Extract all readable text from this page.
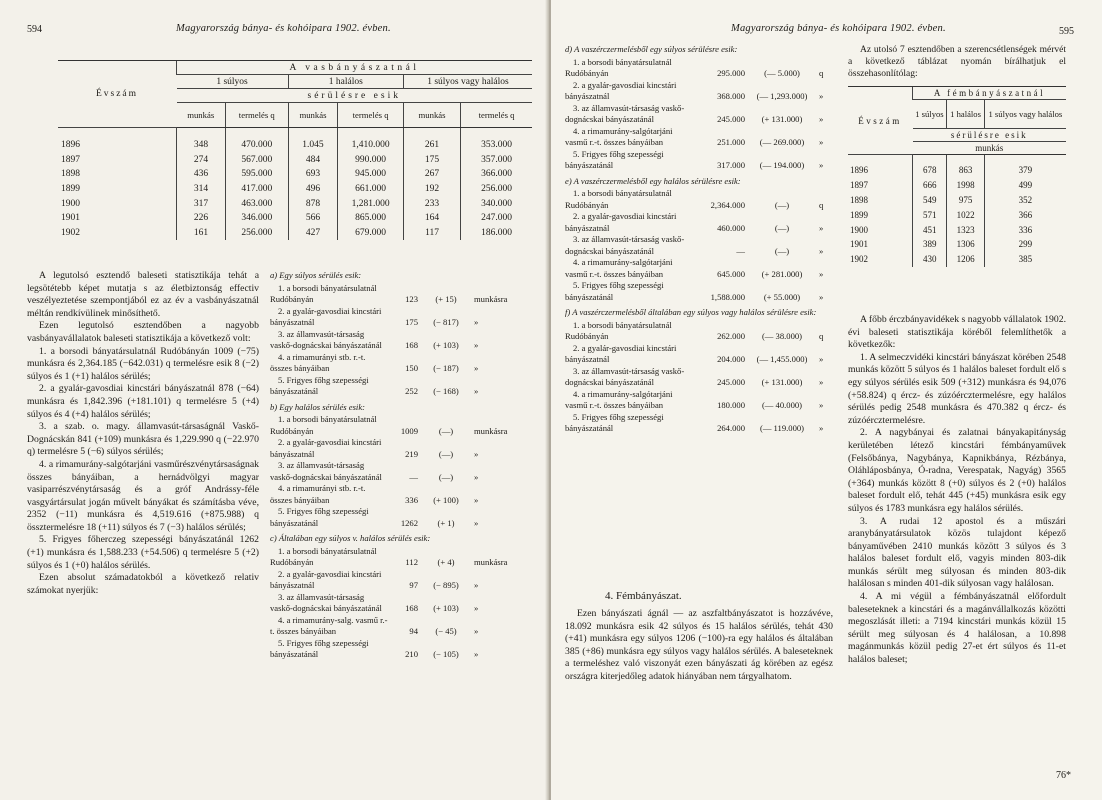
594	Magyarország bánya- és kohóipara 1902. évben.
Évszám	A vasbányászatnál					
	1 súlyos		1 halálos		1 súlyos vagy halálos	
	sérülésre esik					
	munkás	termelés q	munkás	termelés q	munkás	termelés q
1896	348	470.000	1.045	1,410.000	261	353.000
1897	274	567.000	484	990.000	175	357.000
1898	436	595.000	693	945.000	267	366.000
1899	314	417.000	496	661.000	192	256.000
1900	317	463.000	878	1,281.000	233	340.000
1901	226	346.000	566	865.000	164	247.000
1902	161	256.000	427	679.000	117	186.000

A legutolsó esztendő baleseti statisztikája tehát a legsötétebb képet mutatja s az életbiztonság effectiv veszélyeztetése szempontjából ez az év a vasbányászatnál méltán rendkívülinek minősíthető.

Ezen legutolsó esztendőben a nagyobb vasbányavállalatok baleseti statisztikája a következő volt:

1. a borsodi bányatársulatnál Rudóbányán 1009 (−75) munkásra és 2,364.185 (−642.031) q termelésre esik 8 (−2) súlyos és 1 (+1) halálos sérülés;

2. a gyalár-gavosdiai kincstári bányászatnál 878 (−64) munkásra és 1,842.396 (+181.101) q termelésre 5 (+4) súlyos és 4 (+4) halálos sérülés;

3. a szab. o. magy. államvasút-társaságnál Vaskő-Dognácskán 841 (+109) munkásra és 1,229.990 q (−22.970 q) termelésre 5 (−6) súlyos sérülés;

4. a rimamurány-salgótarjáni vasműrészvénytársaságnak összes bányáiban, a hernádvölgyi magyar vasiparrészvénytársaság és a gróf Andrássy-féle vasgyártársulat jogán művelt bányákat és számításba véve, 2352 (−11) munkásra és 4,519.616 (+875.988) q össztermelésre 18 (+11) súlyos és 7 (−3) halálos sérülés;

5. Frigyes főherczeg szepességi bányászatánál 1262 (+1) munkásra és 1,588.233 (+54.506) q termelésre 5 (+2) súlyos és 1 (+0) halálos sérülés.

Ezen absolut számadatokból a következő relativ számokat nyerjük:

a) Egy súlyos sérülés esik:
1. a borsodi bányatársulatnál Rudóbányán	123 (+ 15) munkásra
2. a gyalár-gavosdiai kincstári bányászatnál	175 (− 817) »
3. az államvasút-társaság vaskő-dognácskai bányászatánál	168 (+ 103) »
4. a rimamurányi stb. r.-t. összes bányáiban	150 (− 187) »
5. Frigyes főhg szepességi bányászatánál	252 (− 168) »
b) Egy halálos sérülés esik:
1. a borsodi bányatársulatnál Rudóbányán	1009 (—) munkásra
2. a gyalár-gavosdiai kincstári bányászatnál	219 (—) »
3. az államvasút-társaság vaskő-dognácskai bányászatánál	— (—) »
4. a rimamurányi stb. r.-t. összes bányáiban	336 (+ 100) »
5. Frigyes főhg szepességi bányászatánál	1262 (+ 1) »
c) Általában egy súlyos v. halálos sérülés esik:
1. a borsodi bányatársulatnál Rudóbányán	112 (+ 4) munkásra
2. a gyalár-gavosdiai kincstári bányászatnál	97 (− 895) »
3. az államvasút-társaság vaskő-dognácskai bányászatánál	168 (+ 103) »
4. a rimamurány-salg. vasmű r.-t. összes bányáiban	94 (− 45) »
5. Frigyes főhg szepességi bányászatánál	210 (− 105) »
Magyarország bánya- és kohóipara 1902. évben.	595
d) A vaszérczermelésből egy súlyos sérülésre esik:
1. a borsodi bányatársulatnál Rudóbányán	295.000 (— 5.000) q
2. a gyalár-gavosdiai kincstári bányászatnál	368.000 (— 1,293.000) »
3. az államvasút-társaság vaskő-dognácskai bányászatánál	245.000 (+ 131.000) »
4. a rimamurány-salgótarjáni vasmű r.-t. összes bányáiban	251.000 (— 269.000) »
5. Frigyes főhg szepességi bányászatánál	317.000 (— 194.000) »
e) A vaszérczermelésből egy halálos sérülésre esik:
1. a borsodi bányatársulatnál Rudóbányán	2,364.000	(—)	q
2. a gyalár-gavosdiai kincstári bányászatnál	460.000	(—)	»
3. az államvasút-társaság vaskő-dognácskai bányászatánál	—	(—)	»
4. a rimamurány-salgótarjáni vasmű r.-t. összes bányáiban	645.000 (+ 281.000) »
5. Frigyes főhg szepességi bányászatánál	1,588.000 (+ 55.000) »
f) A vaszérczermelésből általában egy súlyos vagy halálos sérülésre esik:
1. a borsodi bányatársulatnál Rudóbányán	262.000 (— 38.000) q
2. a gyalár-gavosdiai kincstári bányászatnál	204.000 (— 1,455.000) »
3. az államvasút-társaság vaskő-dognácskai bányászatánál	245.000 (+ 131.000) »
4. a rimamurány-salgótarjáni vasmű r.-t. összes bányáiban	180.000 (— 40.000) »
5. Frigyes főhg szepességi bányászatánál	264.000 (— 119.000) »
4. Fémbányászat.

Ezen bányászati ágnál — az aszfaltbányászatot is hozzávéve, 18.092 munkásra esik 42 súlyos és 15 halálos sérülés, tehát 430 (+41) munkásra egy súlyos 1206 (−100)-ra egy halálos és általában 385 (+86) munkásra egy súlyos vagy halálos sérülés. A baleseteknek a termeléshez való viszonyát ezen bányászati ág körében az egész országra kiterjedőleg adatok hiányában nem tárgyalhatom.

Az utolsó 7 esztendőben a szerencsétlenségek mérvét a következő táblázat nyomán bírálhatjuk el összehasonlítólag:

Évszám	A fémbányászatnál		
	1 súlyos	1 halálos	1 súlyos vagy halálos
	sérülésre esik		
	munkás		
1896	678	863	379
1897	666	1998	499
1898	549	975	352
1899	571	1022	366
1900	451	1323	336
1901	389	1306	299
1902	430	1206	385

A főbb érczbányavidékek s nagyobb vállalatok 1902. évi baleseti statisztikája köréből felemlíthetők a következők:

1. A selmeczvidéki kincstári bányászat körében 2548 munkás között 5 súlyos és 1 halálos baleset fordult elő s egy súlyos sérülés esik 509 (+312) munkásra és 94,076 (+58.824) q ércz- és zúzóércztermelésre, egy halálos sérülés pedig 2548 munkásra és 470.382 q ércz- és zúzóércztermelésre.

2. A nagybányai és zalatnai bányakapitányság kerületében létező kincstári fémbányaművek (Felsőbánya, Nagybánya, Kapnikbánya, Rézbánya, Oláhláposbánya, Ó-radna, Verespatak, Nagyág) 3565 (+364) munkás között 8 (+0) súlyos és 2 (+0) halálos baleset fordult elő, tehát 445 (+45) munkásra esik egy súlyos és 1783 munkásra egy halálos sérülés.

3. A rudai 12 apostol és a műszári aranybányatársulatok közös tulajdont képező bányaművében 2410 munkás között 3 súlyos és 3 halálos baleset fordult elő, vagyis minden 803-dik munkás sérült meg súlyosan és minden 803-dik halálosan s minden 401-dik súlyosan vagy halálosan.

4. A mi végül a fémbányászatnál előfordult baleseteknek a kincstári és a magánvállalkozás közötti megoszlását illeti: a 7194 kincstári munkás közül 15 sérült meg súlyosan és 4 halálosan, a 10.898 magánmunkás közül pedig 27-et ért súlyos és 11-et halálos baleset;

76*
